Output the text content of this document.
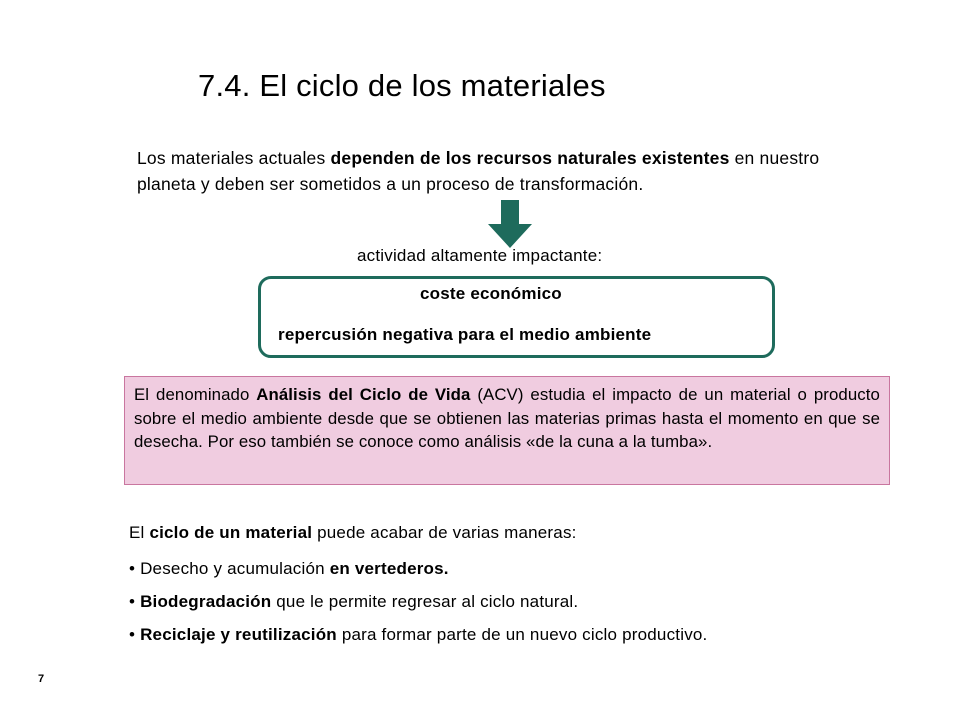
7.4. El ciclo de los materiales
Los materiales actuales dependen de los recursos naturales existentes en nuestro planeta y deben ser sometidos a un proceso de transformación.
actividad altamente impactante:
coste económico
repercusión negativa para el medio ambiente
El denominado Análisis del Ciclo de Vida (ACV) estudia el impacto de un material o producto sobre el medio ambiente desde que se obtienen las materias primas hasta el momento en que se desecha. Por eso también se conoce como análisis «de la cuna a la tumba».
El ciclo de un material puede acabar de varias maneras:
• Desecho y acumulación en vertederos.
• Biodegradación que le permite regresar al ciclo natural.
• Reciclaje y reutilización para formar parte de un nuevo ciclo productivo.
7
